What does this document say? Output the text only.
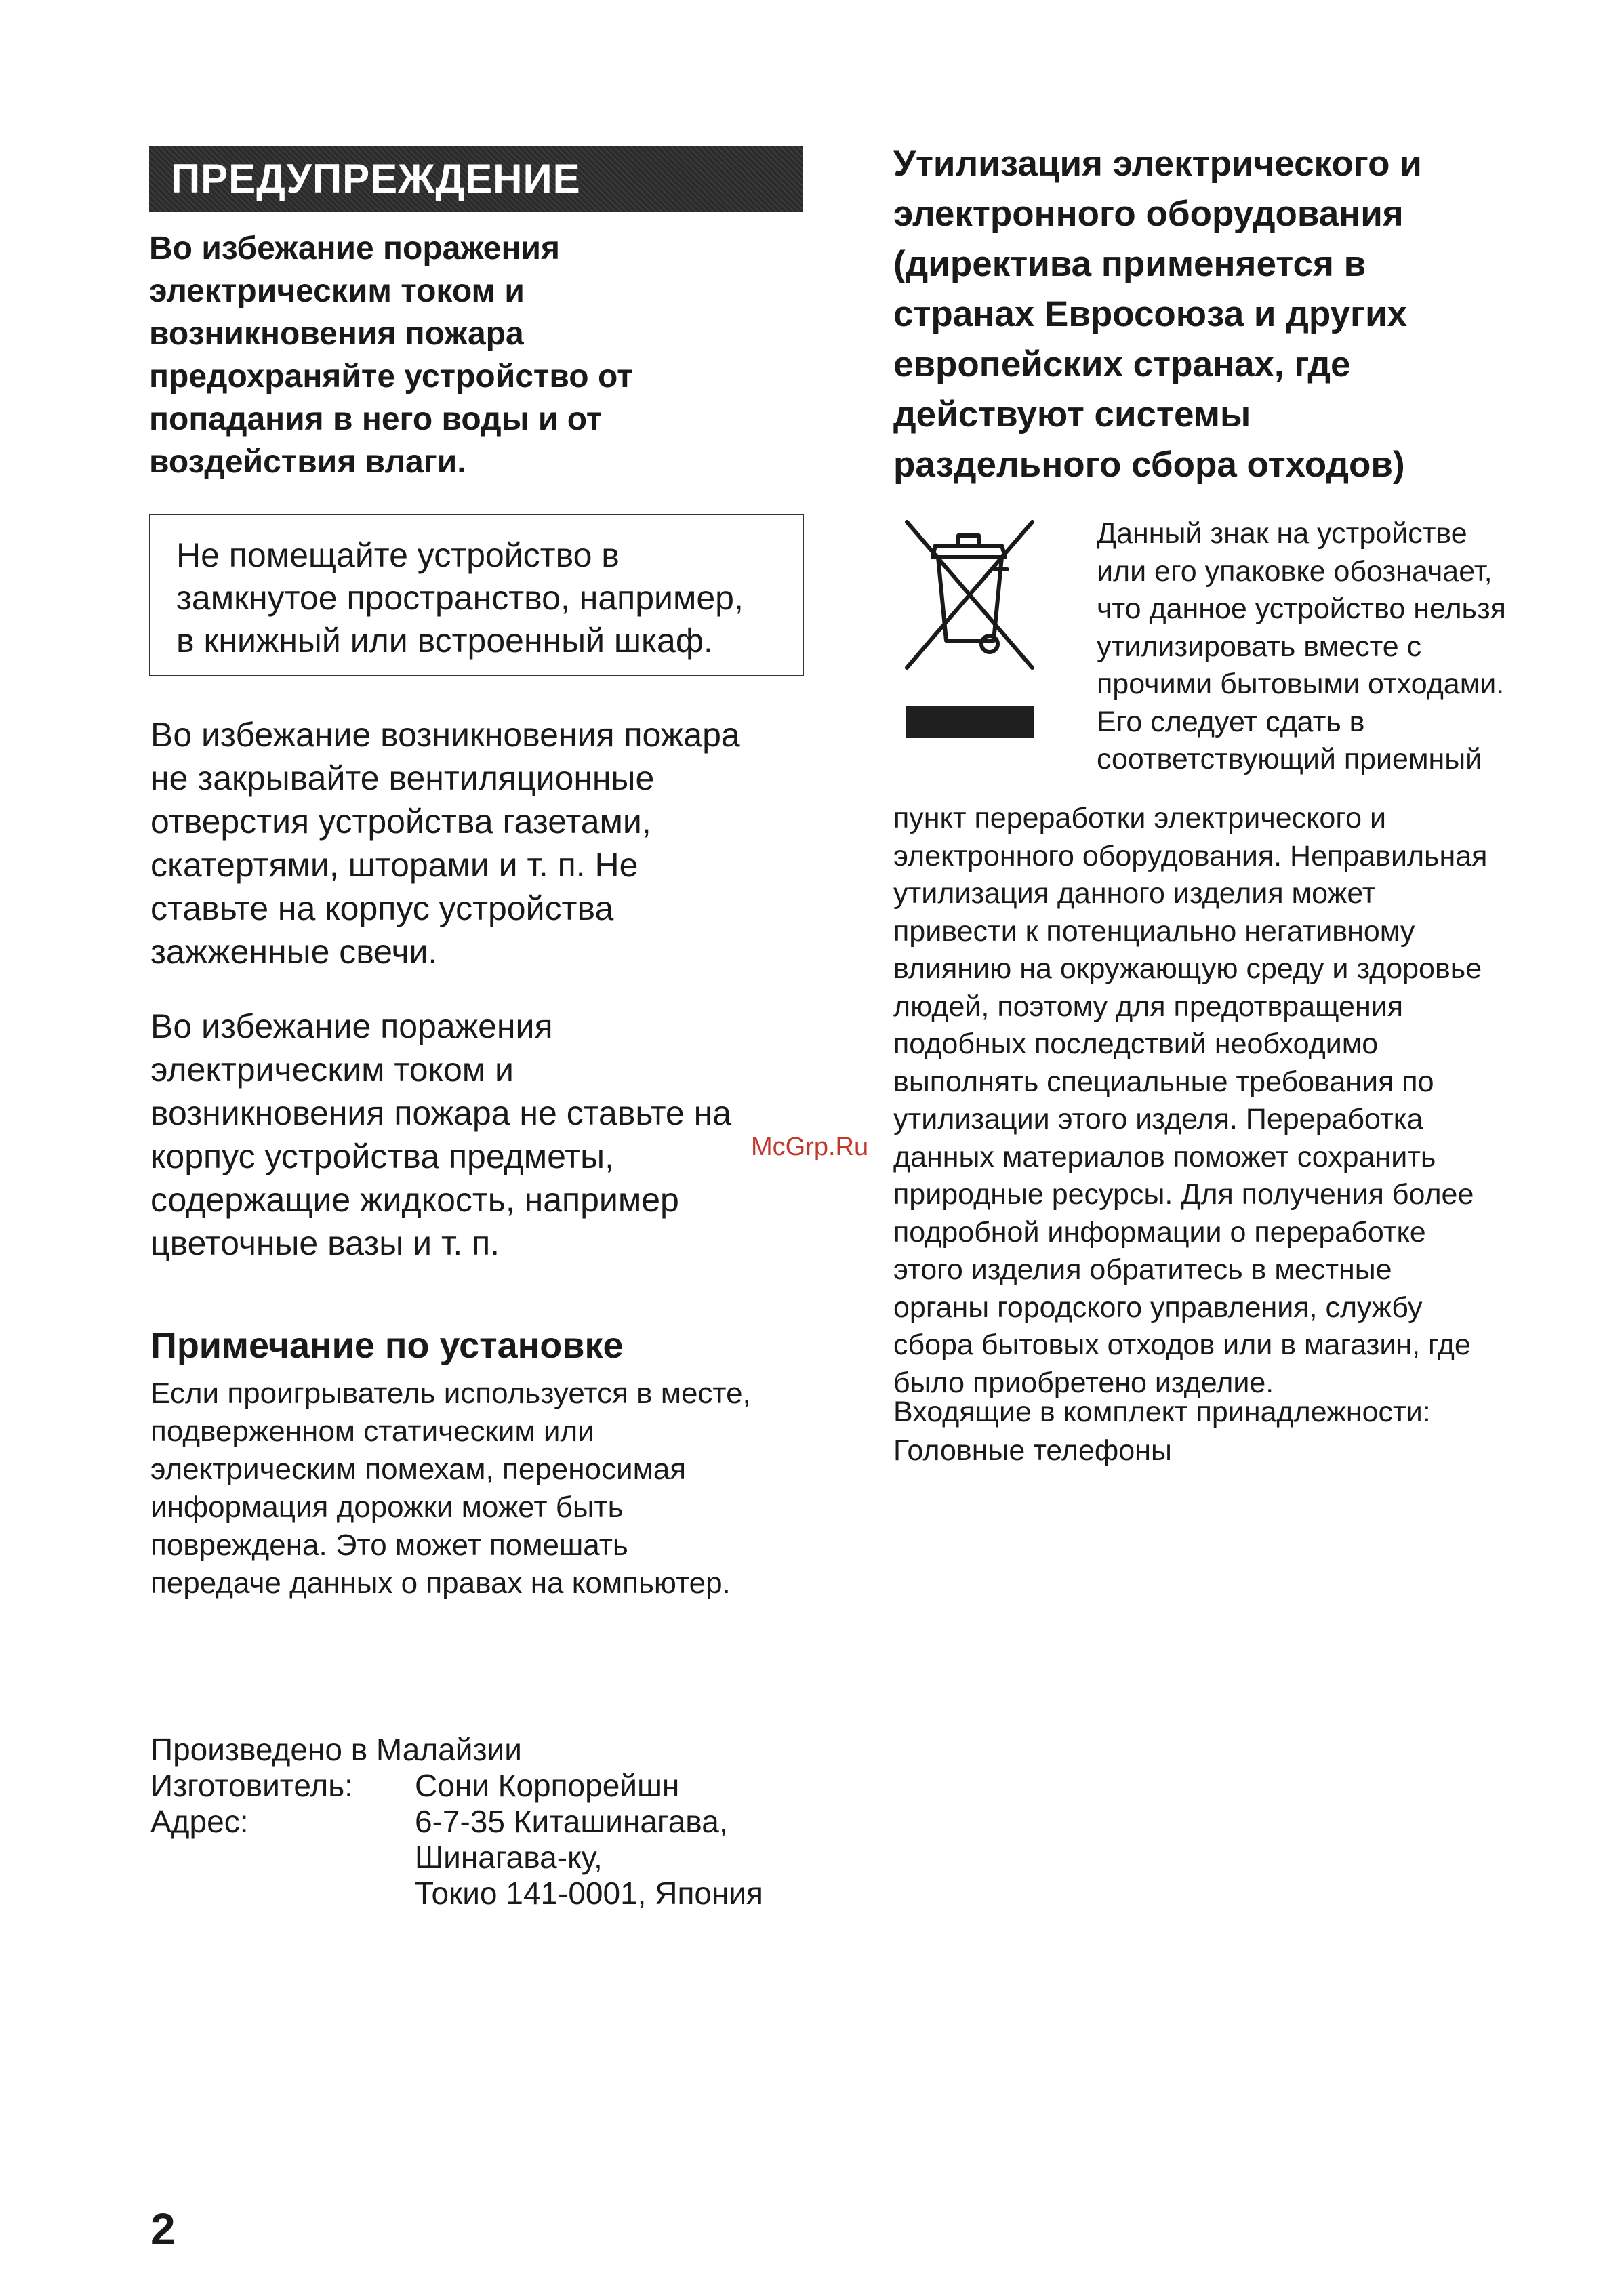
ПРЕДУПРЕЖДЕНИЕ
Во избежание поражения
электрическим током и
возникновения пожара
предохраняйте устройство от
попадания в него воды и от
воздействия влаги.
Не помещайте устройство в
замкнутое пространство, например,
в книжный или встроенный шкаф.
Во избежание возникновения пожара
не закрывайте вентиляционные
отверстия устройства газетами,
скатертями, шторами и т. п. Не
ставьте на корпус устройства
зажженные свечи.
Во избежание поражения
электрическим током и
возникновения пожара не ставьте на
корпус устройства предметы,
содержащие жидкость, например
цветочные вазы и т. п.
Примечание по установке
Если проигрыватель используется в месте,
подверженном статическим или
электрическим помехам, переносимая
информация дорожки может быть
повреждена. Это может помешать
передаче данных о правах на компьютер.
Произведено в Малайзии
Изготовитель:	Сони Корпорейшн
Адрес:	6-7-35 Киташинагава,
Шинагава-ку,
Токио 141-0001, Япония
Утилизация электрического и
электронного оборудования
(директива применяется в
странах Евросоюза и других
европейских странах, где
действуют системы
раздельного сбора отходов)
Данный знак на устройстве
или его упаковке обозначает,
что данное устройство нельзя
утилизировать вместе с
прочими бытовыми отходами.
Его следует сдать в
соответствующий приемный
пункт переработки электрического и
электронного оборудования. Неправильная
утилизация данного изделия может
привести к потенциально негативному
влиянию на окружающую среду и здоровье
людей, поэтому для предотвращения
подобных последствий необходимо
выполнять специальные требования по
утилизации этого изделя. Переработка
данных материалов поможет сохранить
природные ресурсы. Для получения более
подробной информации о переработке
этого изделия обратитесь в местные
органы городского управления, службу
сбора бытовых отходов или в магазин, где
было приобретено изделие.
Входящие в комплект принадлежности:
Головные телефоны
McGrp.Ru
2
